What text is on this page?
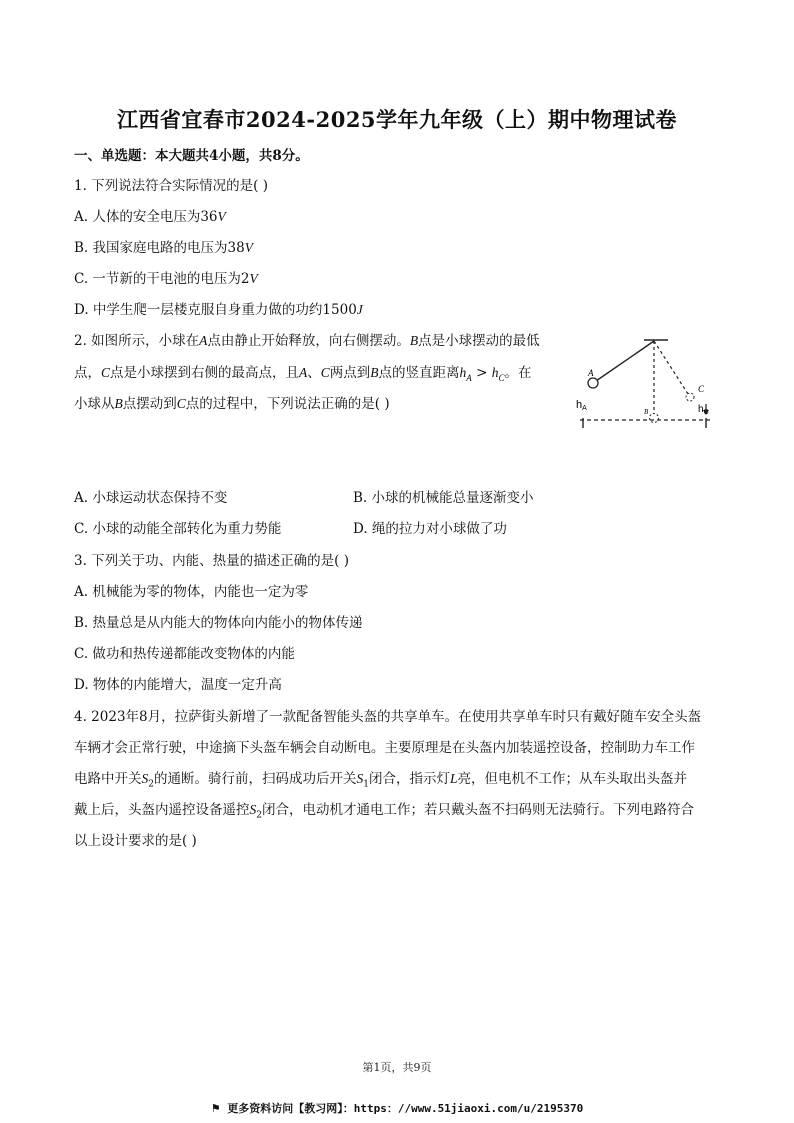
江西省宜春市2024-2025学年九年级（上）期中物理试卷
一、单选题：本大题共4小题，共8分。
1. 下列说法符合实际情况的是( )
A. 人体的安全电压为36V
B. 我国家庭电路的电压为38V
C. 一节新的干电池的电压为2V
D. 中学生爬一层楼克服自身重力做的功约1500J
2. 如图所示，小球在A点由静止开始释放，向右侧摆动。B点是小球摆动的最低
点，C点是小球摆到右侧的最高点，且A、C两点到B点的竖直距离$h_A > h_C$。在
小球从B点摆动到C点的过程中，下列说法正确的是( )
A
B
C
hA	$h_C$
A. 小球运动状态保持不变	B. 小球的机械能总量逐渐变小
C. 小球的动能全部转化为重力势能	D. 绳的拉力对小球做了功
3. 下列关于功、内能、热量的描述正确的是( )
A. 机械能为零的物体，内能也一定为零
B. 热量总是从内能大的物体向内能小的物体传递
C. 做功和热传递都能改变物体的内能
D. 物体的内能增大，温度一定升高
4. 2023年8月，拉萨街头新增了一款配备智能头盔的共享单车。在使用共享单车时只有戴好随车安全头盔
车辆才会正常行驶，中途摘下头盔车辆会自动断电。主要原理是在头盔内加装遥控设备，控制助力车工作
电路中开关$S_2$的通断。骑行前，扫码成功后开关$S_1$闭合，指示灯L亮，但电机不工作；从车头取出头盔并
戴上后，头盔内遥控设备遥控$S_2$闭合，电动机才通电工作；若只戴头盔不扫码则无法骑行。下列电路符合
以上设计要求的是( )
第1页，共9页
⚑ 更多资料访问【教习网】：https：//www.51jiaoxi.com/u/2195370
